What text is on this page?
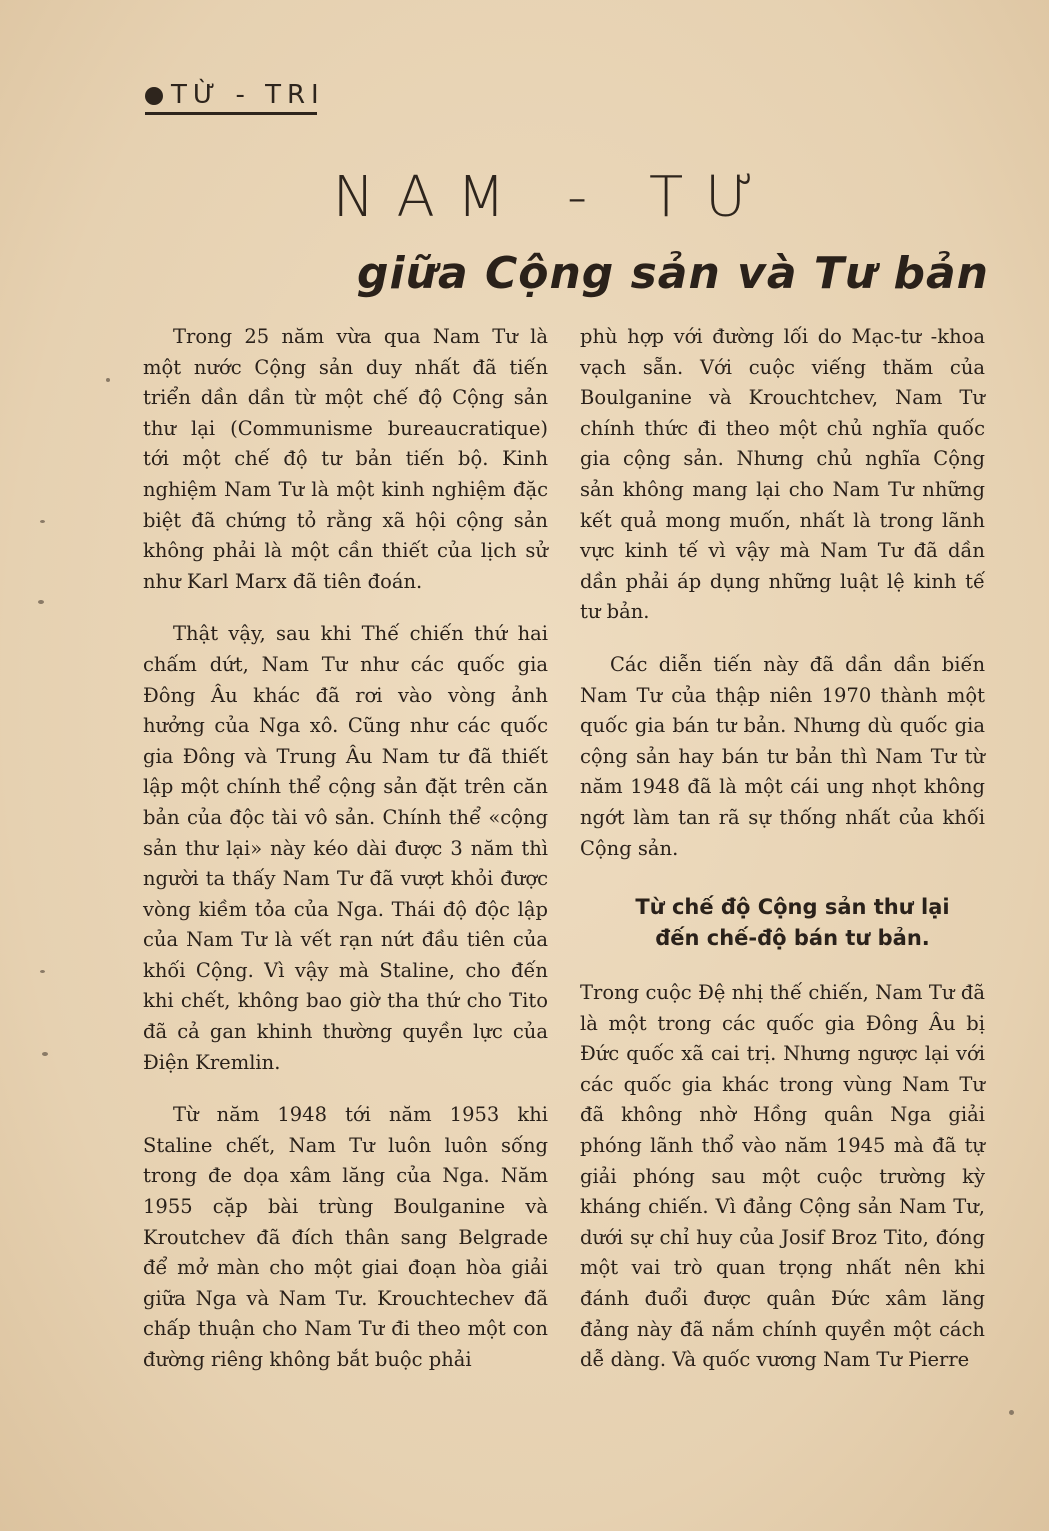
TỪ - TRI
NAM - TƯ
giữa Cộng sản và Tư bản

Trong 25 năm vừa qua Nam Tư là một nước Cộng sản duy nhất đã tiến triển dần dần từ một chế độ Cộng sản thư lại (Communisme bureaucratique) tới một chế độ tư bản tiến bộ. Kinh nghiệm Nam Tư là một kinh nghiệm đặc biệt đã chứng tỏ rằng xã hội cộng sản không phải là một cần thiết của lịch sử như Karl Marx đã tiên đoán.

Thật vậy, sau khi Thế chiến thứ hai chấm dứt, Nam Tư như các quốc gia Đông Âu khác đã rơi vào vòng ảnh hưởng của Nga xô. Cũng như các quốc gia Đông và Trung Âu Nam tư đã thiết lập một chính thể cộng sản đặt trên căn bản của độc tài vô sản. Chính thể «cộng sản thư lại» này kéo dài được 3 năm thì người ta thấy Nam Tư đã vượt khỏi được vòng kiềm tỏa của Nga. Thái độ độc lập của Nam Tư là vết rạn nứt đầu tiên của khối Cộng. Vì vậy mà Staline, cho đến khi chết, không bao giờ tha thứ cho Tito đã cả gan khinh thường quyền lực của Điện Kremlin.

Từ năm 1948 tới năm 1953 khi Staline chết, Nam Tư luôn luôn sống trong đe dọa xâm lăng của Nga. Năm 1955 cặp bài trùng Boulganine và Kroutchev đã đích thân sang Belgrade để mở màn cho một giai đoạn hòa giải giữa Nga và Nam Tư. Krouchtechev đã chấp thuận cho Nam Tư đi theo một con đường riêng không bắt buộc phải

phù hợp với đường lối do Mạc-tư -khoa vạch sẵn. Với cuộc viếng thăm của Boulganine và Krouchtchev, Nam Tư chính thức đi theo một chủ nghĩa quốc gia cộng sản. Nhưng chủ nghĩa Cộng sản không mang lại cho Nam Tư những kết quả mong muốn, nhất là trong lãnh vực kinh tế vì vậy mà Nam Tư đã dần dần phải áp dụng những luật lệ kinh tế tư bản.

Các diễn tiến này đã dần dần biến Nam Tư của thập niên 1970 thành một quốc gia bán tư bản. Nhưng dù quốc gia cộng sản hay bán tư bản thì Nam Tư từ năm 1948 đã là một cái ung nhọt không ngớt làm tan rã sự thống nhất của khối Cộng sản.

Từ chế độ Cộng sản thư lại
đến chế-độ bán tư bản.

Trong cuộc Đệ nhị thế chiến, Nam Tư đã là một trong các quốc gia Đông Âu bị Đức quốc xã cai trị. Nhưng ngược lại với các quốc gia khác trong vùng Nam Tư đã không nhờ Hồng quân Nga giải phóng lãnh thổ vào năm 1945 mà đã tự giải phóng sau một cuộc trường kỳ kháng chiến. Vì đảng Cộng sản Nam Tư, dưới sự chỉ huy của Josif Broz Tito, đóng một vai trò quan trọng nhất nên khi đánh đuổi được quân Đức xâm lăng đảng này đã nắm chính quyền một cách dễ dàng. Và quốc vương Nam Tư Pierre
